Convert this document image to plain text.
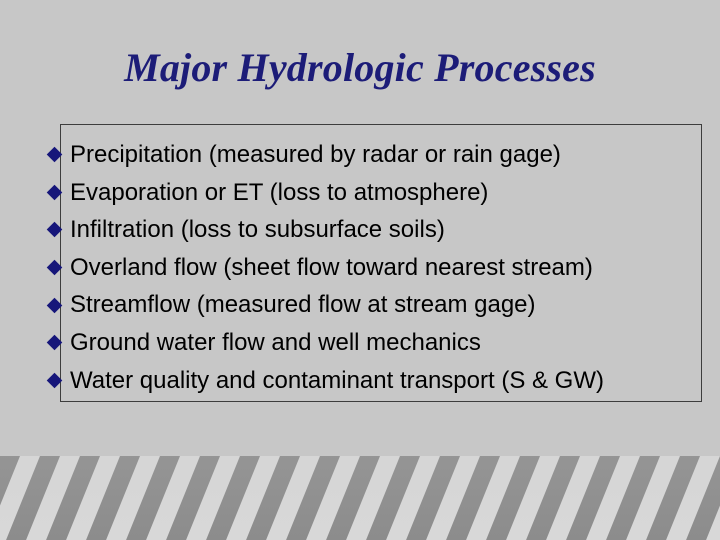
Major Hydrologic Processes
Precipitation (measured by radar or rain gage)
Evaporation or ET (loss to atmosphere)
Infiltration (loss to subsurface soils)
Overland flow (sheet flow toward nearest stream)
Streamflow (measured flow at stream gage)
Ground water flow and well mechanics
Water quality and contaminant transport (S & GW)
